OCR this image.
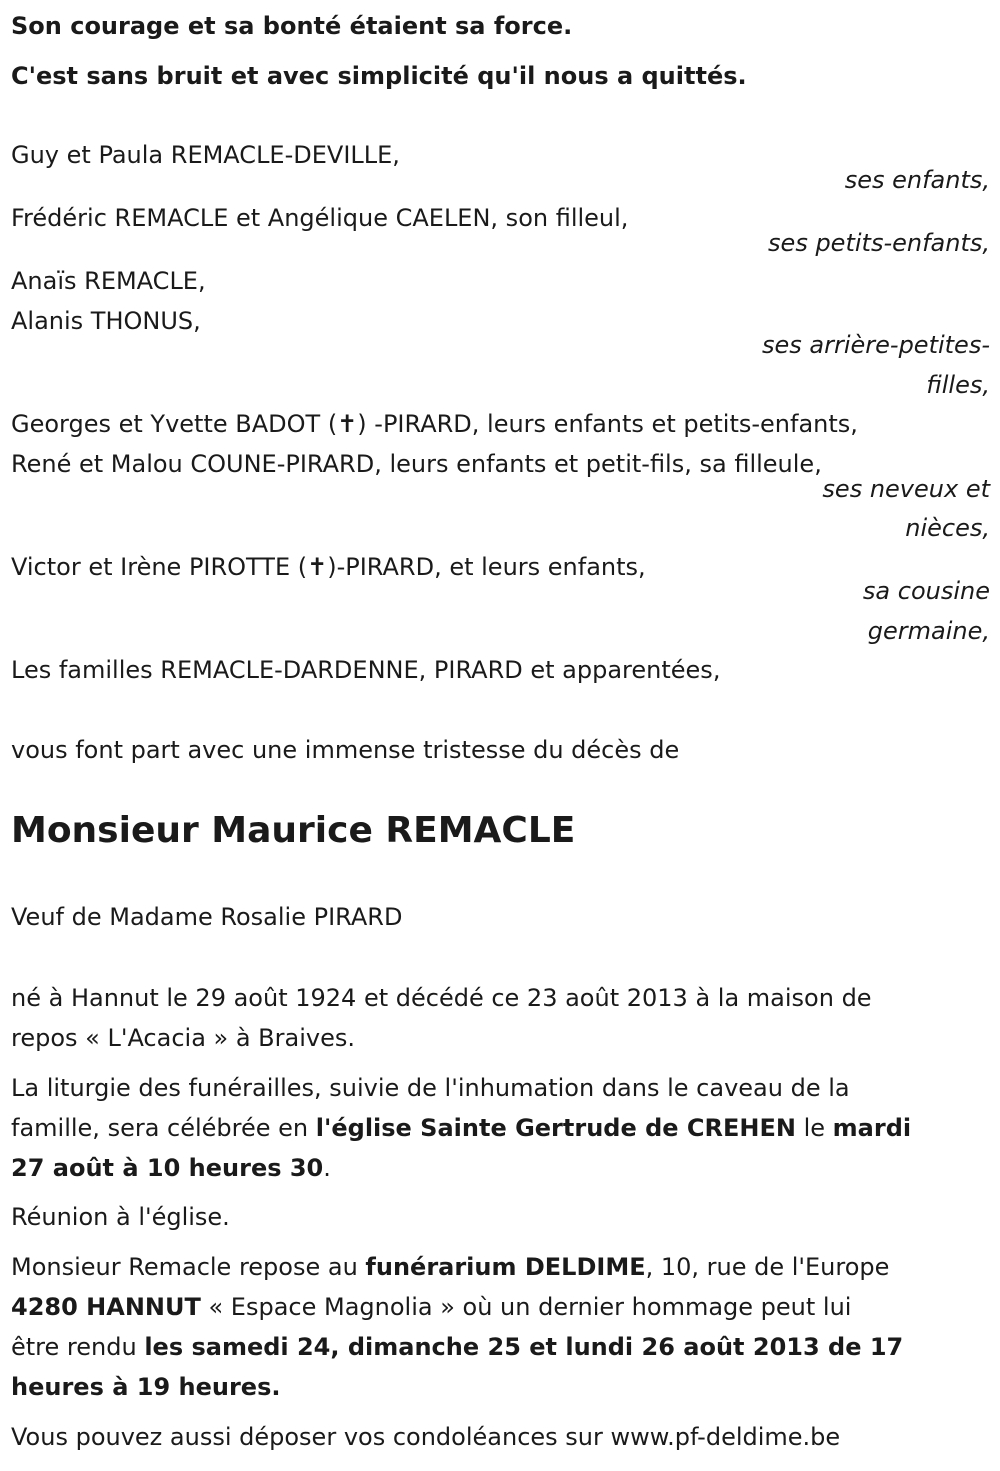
Son courage et sa bonté étaient sa force.
C'est sans bruit et avec simplicité qu'il nous a quittés.
Guy et Paula REMACLE-DEVILLE,
ses enfants,
Frédéric REMACLE et Angélique CAELEN, son filleul,
ses petits-enfants,
Anaïs REMACLE,
Alanis THONUS,
ses arrière-petites-
filles,
Georges et Yvette BADOT (✝) -PIRARD, leurs enfants et petits-enfants,
René et Malou COUNE-PIRARD, leurs enfants et petit-fils, sa filleule,
ses neveux et
nièces,
Victor et Irène PIROTTE (✝)-PIRARD, et leurs enfants,
sa cousine
germaine,
Les familles REMACLE-DARDENNE, PIRARD et apparentées,
vous font part avec une immense tristesse du décès de
Monsieur Maurice REMACLE
Veuf de Madame Rosalie PIRARD
né à Hannut le 29 août 1924 et décédé ce 23 août 2013 à la maison de
repos « L'Acacia » à Braives.
La liturgie des funérailles, suivie de l'inhumation dans le caveau de la
famille, sera célébrée en l'église Sainte Gertrude de CREHEN le mardi
27 août à 10 heures 30.
Réunion à l'église.
Monsieur Remacle repose au funérarium DELDIME, 10, rue de l'Europe
4280 HANNUT « Espace Magnolia » où un dernier hommage peut lui
être rendu les samedi 24, dimanche 25 et lundi 26 août 2013 de 17
heures à 19 heures.
Vous pouvez aussi déposer vos condoléances sur www.pf-deldime.be
